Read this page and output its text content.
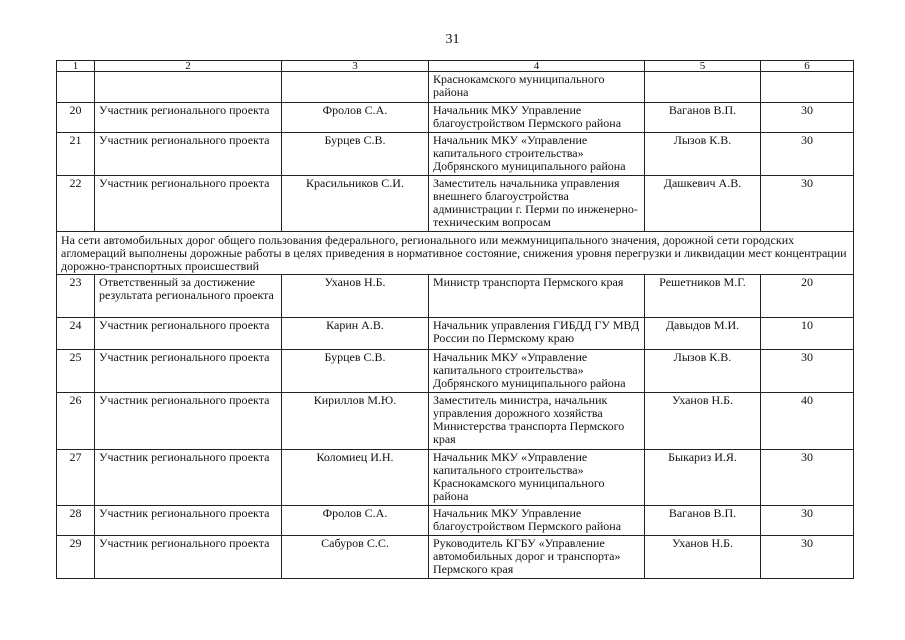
31
1	2	3	4	5	6
			Краснокамского муниципального района		
20	Участник регионального проекта	Фролов С.А.	Начальник МКУ Управление благоустройством Пермского района	Ваганов В.П.	30
21	Участник регионального проекта	Бурцев С.В.	Начальник МКУ «Управление капитального строительства» Добрянского муниципального района	Лызов К.В.	30
22	Участник регионального проекта	Красильников С.И.	Заместитель начальника управления внешнего благоустройства администрации г. Перми по инженерно-техническим вопросам	Дашкевич А.В.	30
На сети автомобильных дорог общего пользования федерального, регионального или межмуниципального значения, дорожной сети городских агломераций выполнены дорожные работы в целях приведения в нормативное состояние, снижения уровня перегрузки и ликвидации мест концентрации дорожно-транспортных происшествий					
23	Ответственный за достижение результата регионального проекта	Уханов Н.Б.	Министр транспорта Пермского края	Решетников М.Г.	20
24	Участник регионального проекта	Карин А.В.	Начальник управления ГИБДД ГУ МВД России по Пермскому краю	Давыдов М.И.	10
25	Участник регионального проекта	Бурцев С.В.	Начальник МКУ «Управление капитального строительства» Добрянского муниципального района	Лызов К.В.	30
26	Участник регионального проекта	Кириллов М.Ю.	Заместитель министра, начальник управления дорожного хозяйства Министерства транспорта Пермского края	Уханов Н.Б.	40
27	Участник регионального проекта	Коломиец И.Н.	Начальник МКУ «Управление капитального строительства» Краснокамского муниципального района	Быкариз И.Я.	30
28	Участник регионального проекта	Фролов С.А.	Начальник МКУ Управление благоустройством Пермского района	Ваганов В.П.	30
29	Участник регионального проекта	Сабуров С.С.	Руководитель КГБУ «Управление автомобильных дорог и транспорта» Пермского края	Уханов Н.Б.	30
